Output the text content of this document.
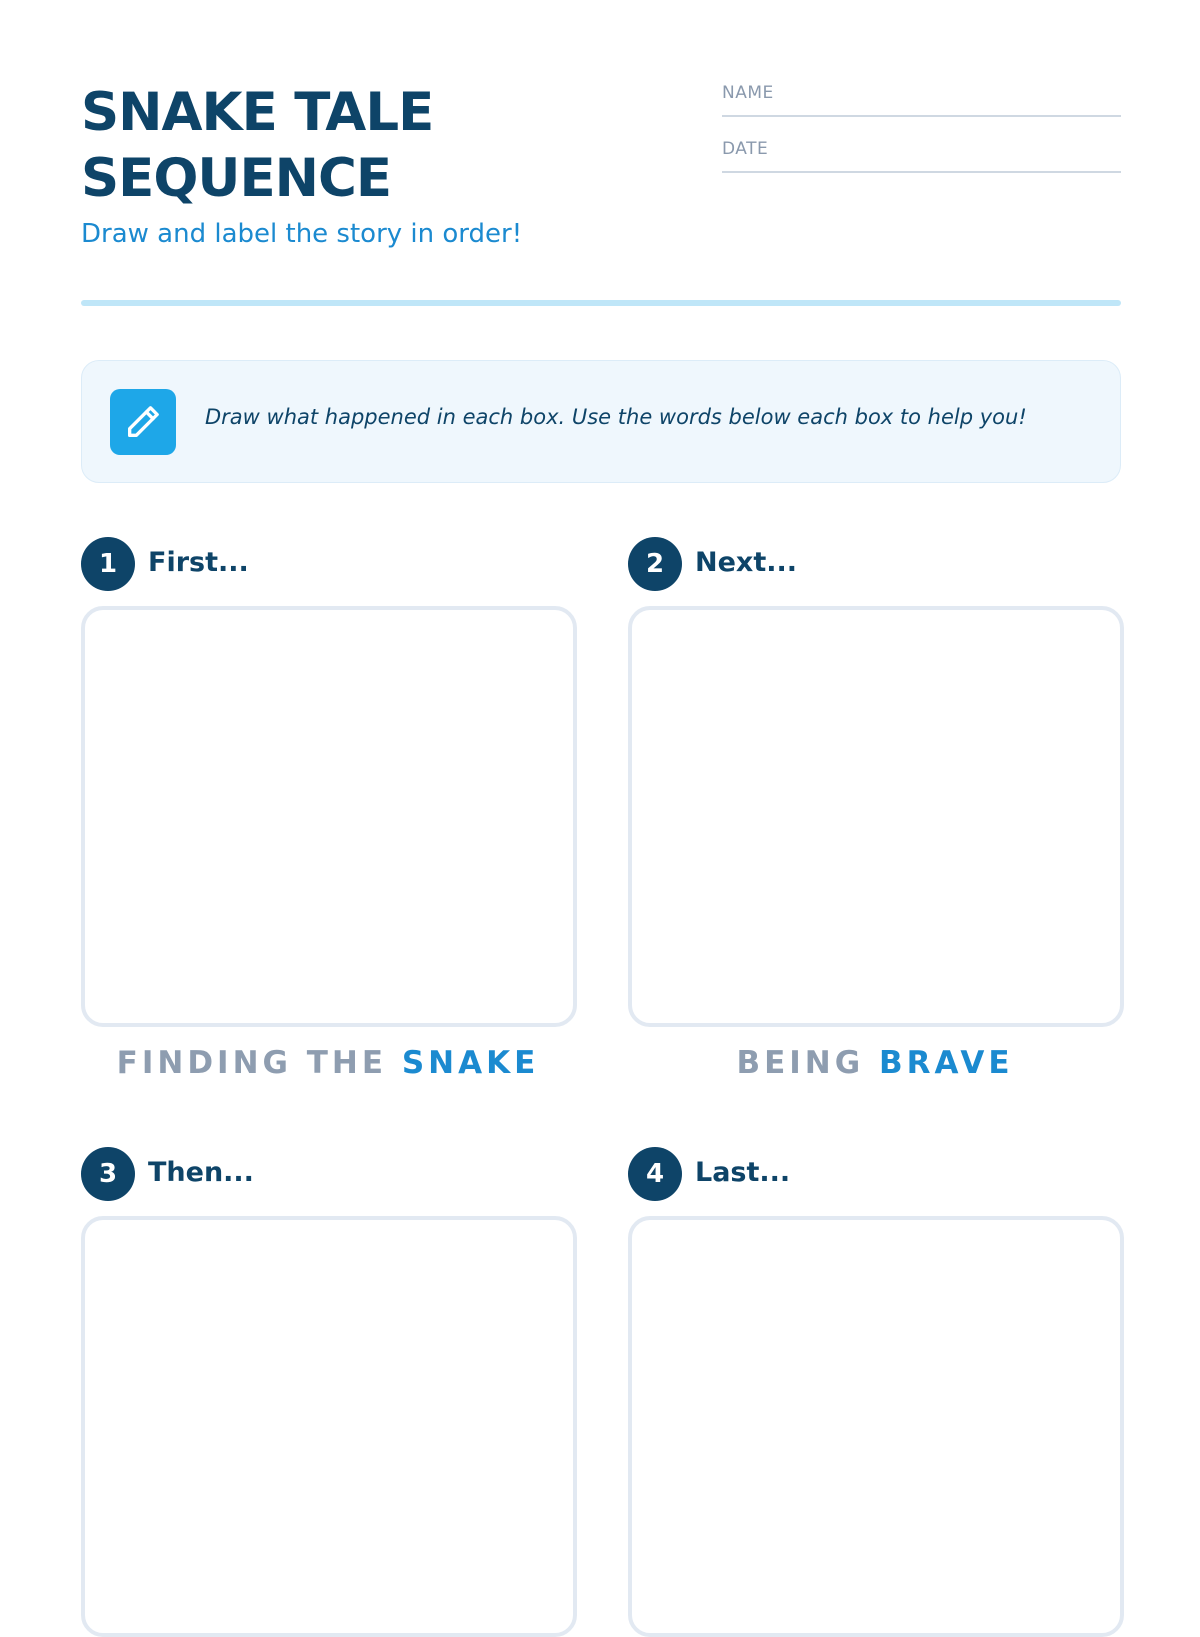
SNAKE TALE
SEQUENCE

Draw and label the story in order!

NAME
DATE
Draw what happened in each box. Use the words below each box to help you!
1	First...
FINDING THE SNAKE
2	Next...
BEING BRAVE
3	Then...	4	Last...
